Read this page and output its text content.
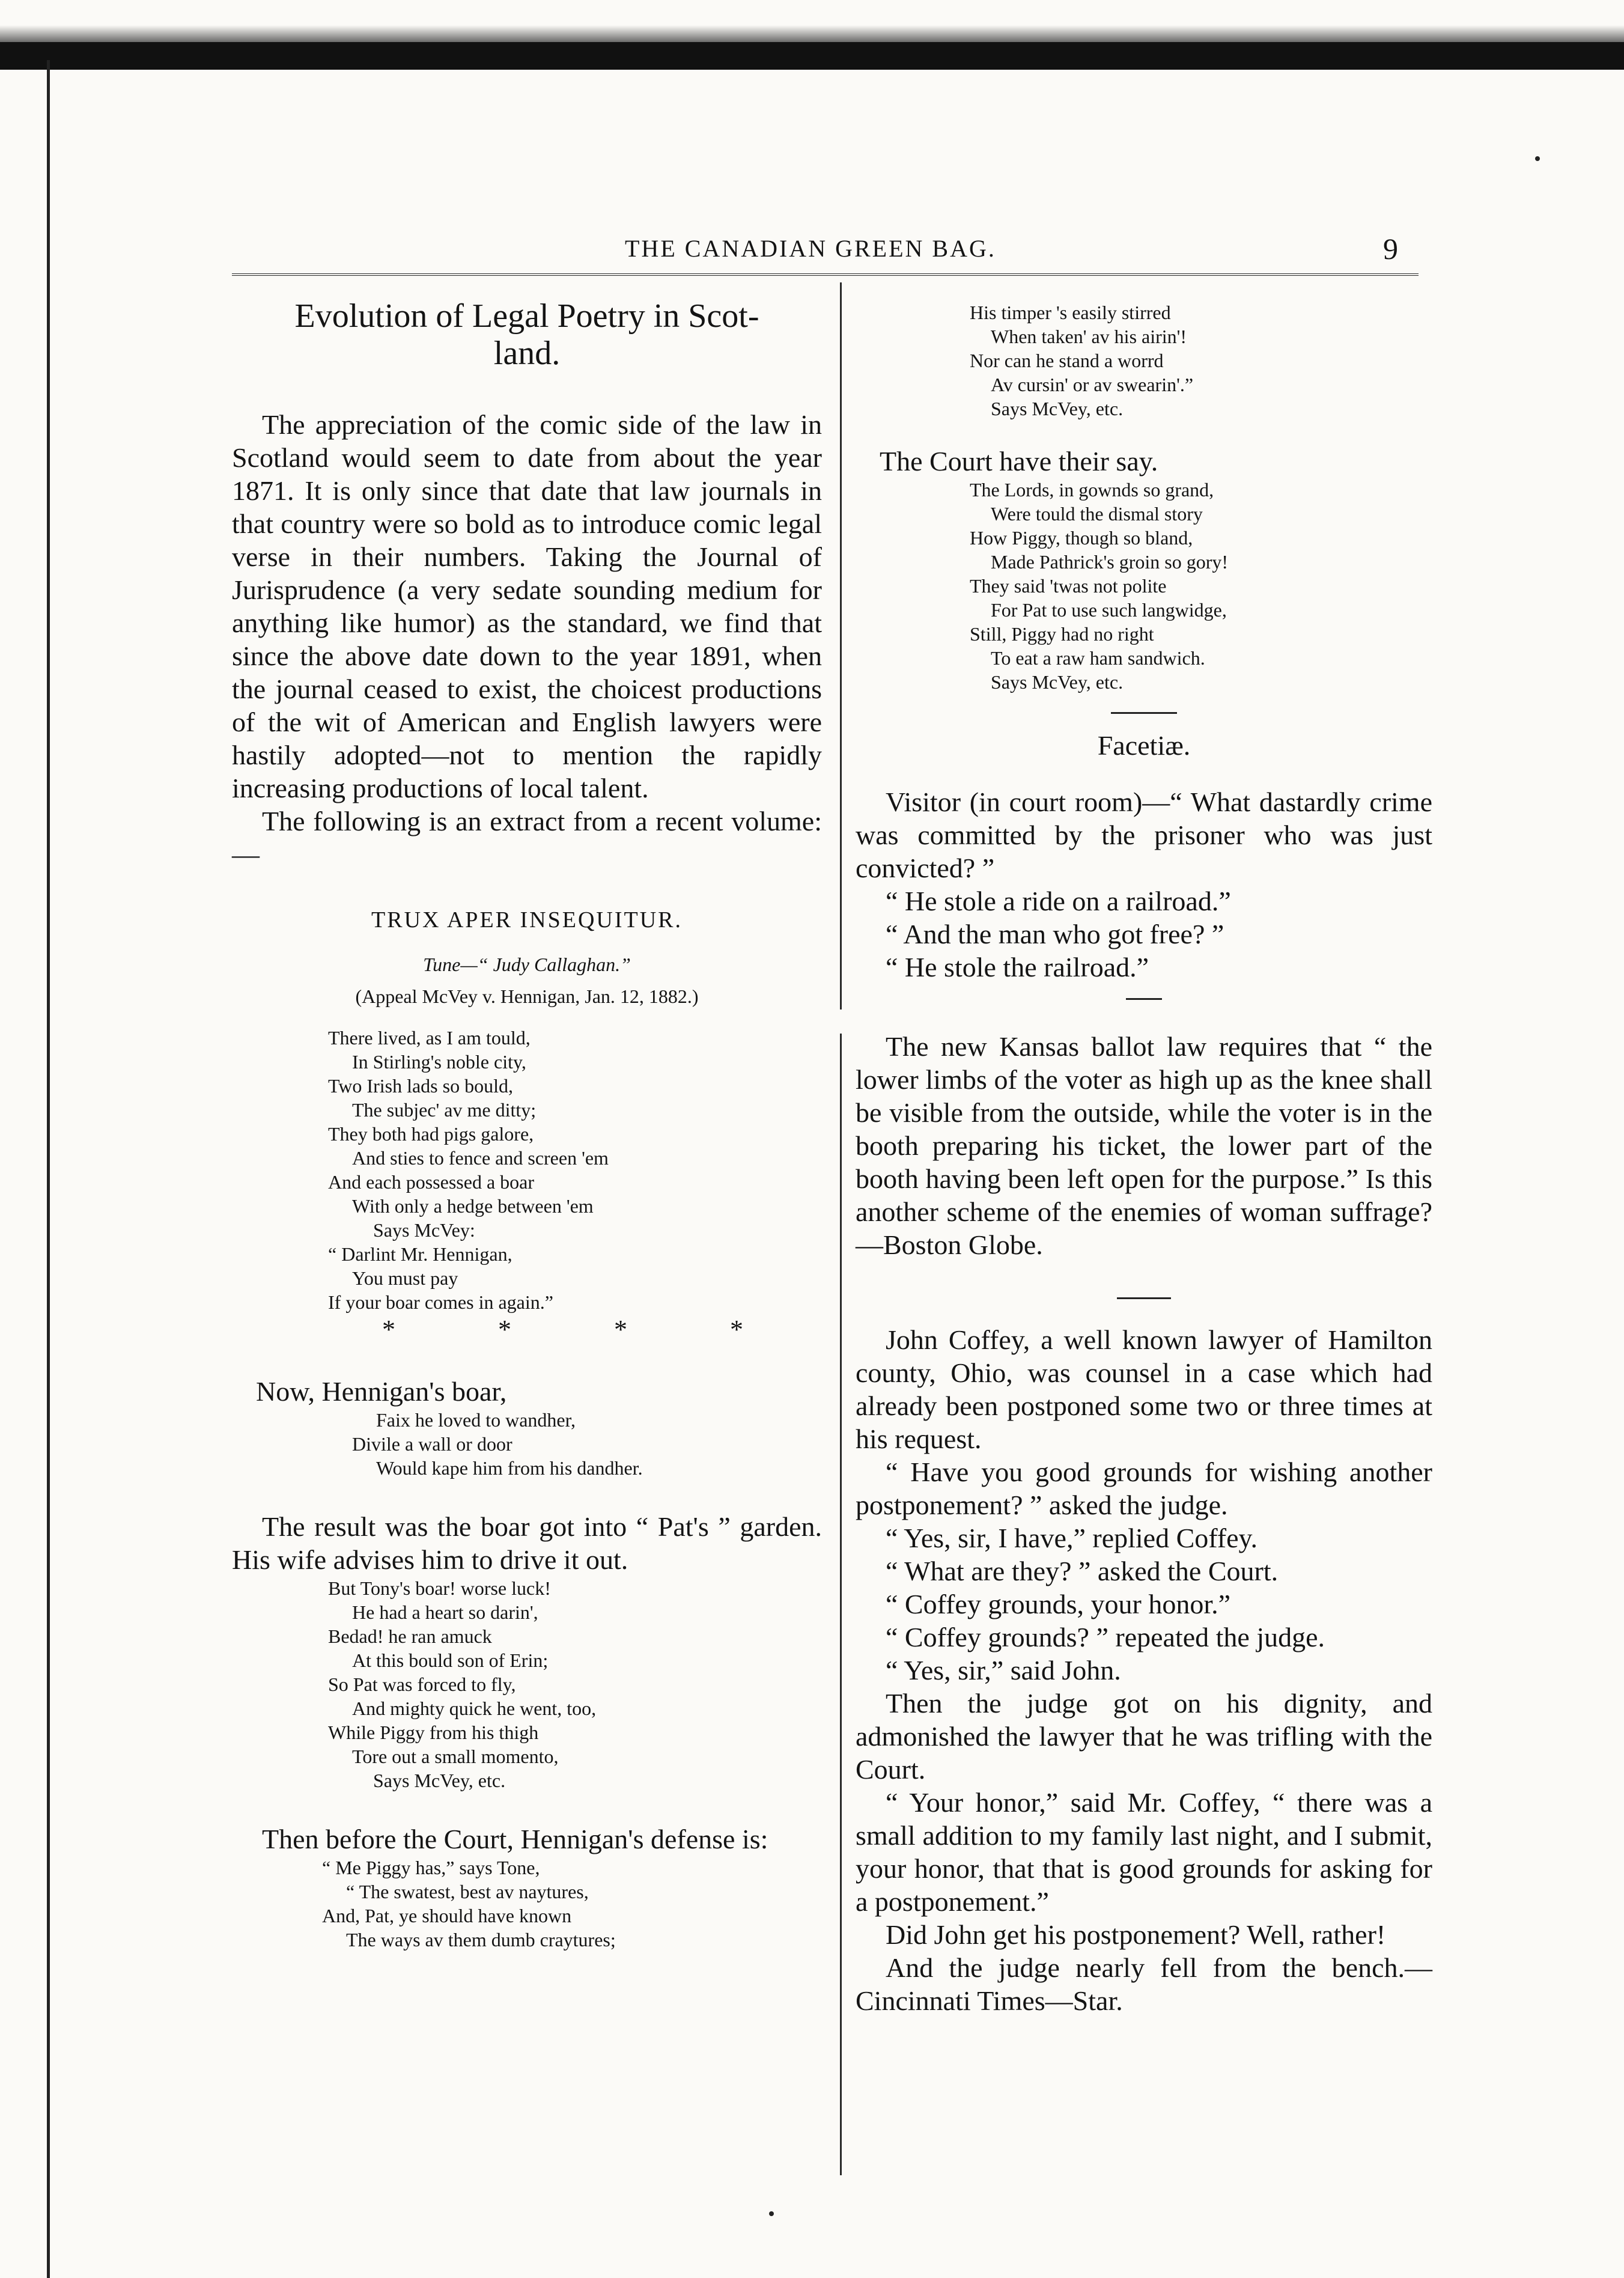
THE CANADIAN GREEN BAG.	9
Evolution of Legal Poetry in Scot-
land.

The appreciation of the comic side of the law in Scotland would seem to date from about the year 1871. It is only since that date that law journals in that country were so bold as to introduce comic legal verse in their numbers. Taking the Journal of Jurisprudence (a very sedate sounding medium for anything like humor) as the standard, we find that since the above date down to the year 1891, when the journal ceased to exist, the choicest productions of the wit of American and English lawyers were hastily adopted—not to mention the rapidly increasing productions of local talent.

The following is an extract from a recent volume:—

TRUX APER INSEQUITUR.
Tune—“ Judy Callaghan.”
(Appeal McVey v. Hennigan, Jan. 12, 1882.)
There lived, as I am tould,
In Stirling's noble city,
Two Irish lads so bould,
The subjec' av me ditty;
They both had pigs galore,
And sties to fence and screen 'em
And each possessed a boar
With only a hedge between 'em
Says McVey:
“ Darlint Mr. Hennigan,
You must pay
If your boar comes in again.”
* * * *

Now, Hennigan's boar,

Faix he loved to wandher,
Divile a wall or door
Would kape him from his dandher.

The result was the boar got into “ Pat's ” garden. His wife advises him to drive it out.

But Tony's boar! worse luck!
He had a heart so darin',
Bedad! he ran amuck
At this bould son of Erin;
So Pat was forced to fly,
And mighty quick he went, too,
While Piggy from his thigh
Tore out a small momento,
Says McVey, etc.

Then before the Court, Hennigan's defense is:

“ Me Piggy has,” says Tone,
“ The swatest, best av naytures,
And, Pat, ye should have known
The ways av them dumb craytures;
His timper 's easily stirred
When taken' av his airin'!
Nor can he stand a worrd
Av cursin' or av swearin'.”
Says McVey, etc.

The Court have their say.

The Lords, in gownds so grand,
Were tould the dismal story
How Piggy, though so bland,
Made Pathrick's groin so gory!
They said 'twas not polite
For Pat to use such langwidge,
Still, Piggy had no right
To eat a raw ham sandwich.
Says McVey, etc.
Facetiæ.

Visitor (in court room)—“ What dastardly crime was committed by the prisoner who was just convicted? ”

“ He stole a ride on a railroad.”

“ And the man who got free? ”

“ He stole the railroad.”

The new Kansas ballot law requires that “ the lower limbs of the voter as high up as the knee shall be visible from the outside, while the voter is in the booth preparing his ticket, the lower part of the booth having been left open for the purpose.” Is this another scheme of the enemies of woman suffrage?—Boston Globe.

John Coffey, a well known lawyer of Hamilton county, Ohio, was counsel in a case which had already been postponed some two or three times at his request.

“ Have you good grounds for wishing another postponement? ” asked the judge.

“ Yes, sir, I have,” replied Coffey.

“ What are they? ” asked the Court.

“ Coffey grounds, your honor.”

“ Coffey grounds? ” repeated the judge.

“ Yes, sir,” said John.

Then the judge got on his dignity, and admonished the lawyer that he was trifling with the Court.

“ Your honor,” said Mr. Coffey, “ there was a small addition to my family last night, and I submit, your honor, that that is good grounds for asking for a postponement.”

Did John get his postponement? Well, rather!

And the judge nearly fell from the bench.—Cincinnati Times—Star.
